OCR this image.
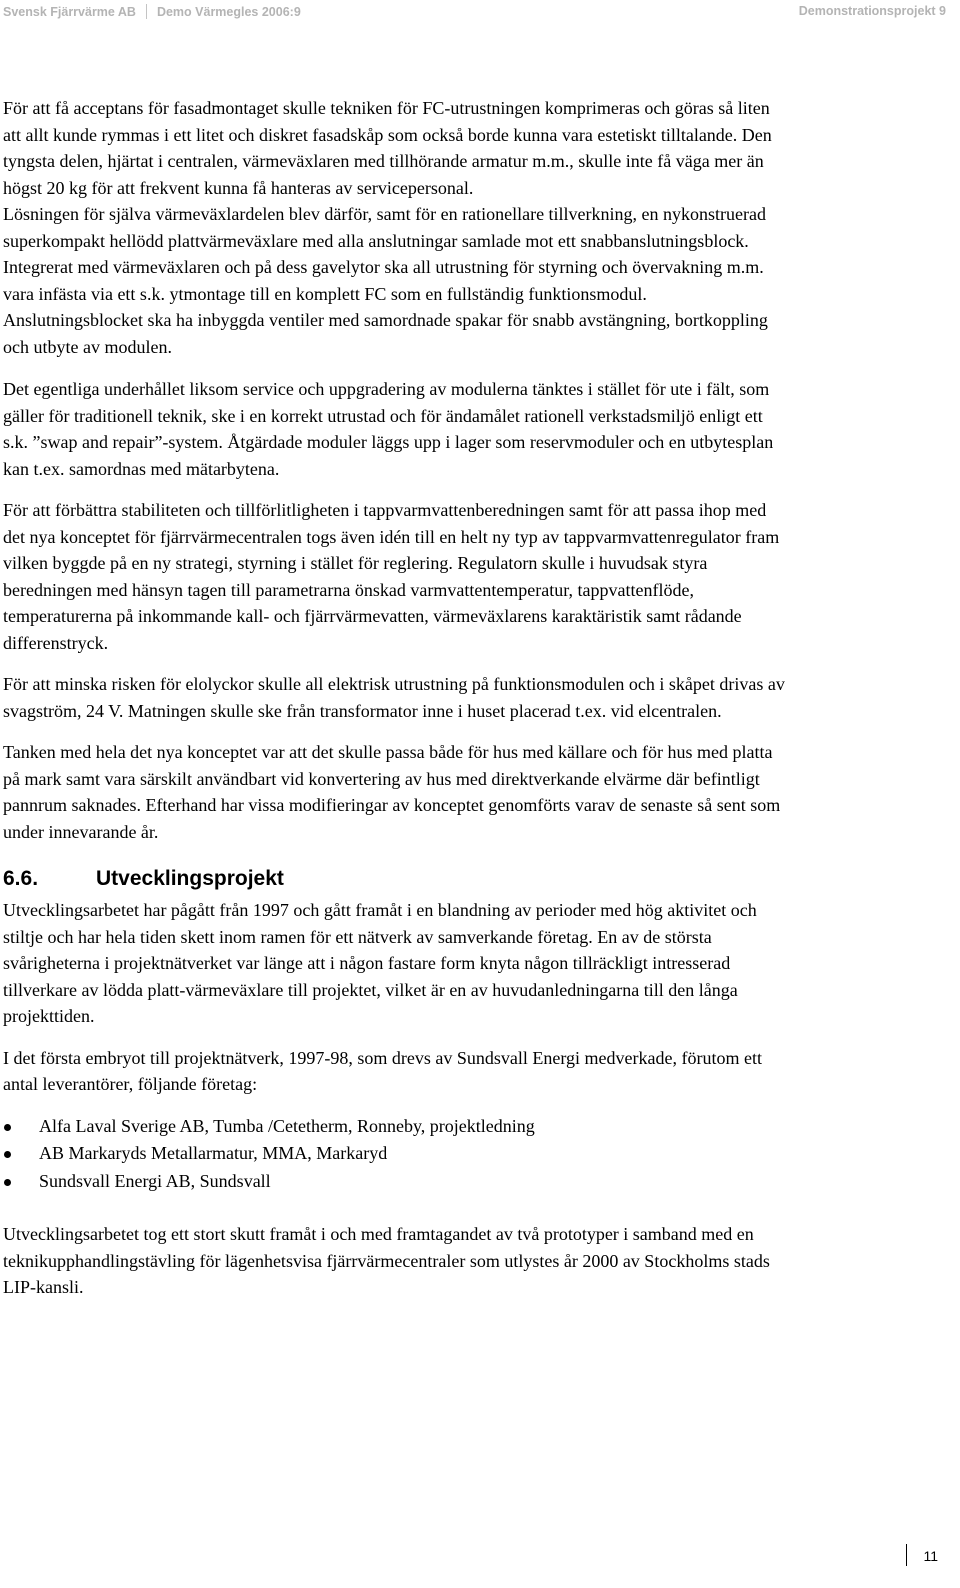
Svensk Fjärrvärme AB Demo Värmegles 2006:9	Demonstrationsprojekt 9

För att få acceptans för fasadmontaget skulle tekniken för FC-utrustningen komprimeras och göras så liten att allt kunde rymmas i ett litet och diskret fasadskåp som också borde kunna vara estetiskt tilltalande. Den tyngsta delen, hjärtat i centralen, värmeväxlaren med tillhörande armatur m.m., skulle inte få väga mer än högst 20 kg för att frekvent kunna få hanteras av servicepersonal.

Lösningen för själva värmeväxlardelen blev därför, samt för en rationellare tillverkning, en nykonstruerad superkompakt hellödd plattvärmeväxlare med alla anslutningar samlade mot ett snabbanslutningsblock. Integrerat med värmeväxlaren och på dess gavelytor ska all utrustning för styrning och övervakning m.m. vara infästa via ett s.k. ytmontage till en komplett FC som en fullständig funktionsmodul. Anslutningsblocket ska ha inbyggda ventiler med samordnade spakar för snabb avstängning, bortkoppling och utbyte av modulen.

Det egentliga underhållet liksom service och uppgradering av modulerna tänktes i stället för ute i fält, som gäller för traditionell teknik, ske i en korrekt utrustad och för ändamålet rationell verkstadsmiljö enligt ett s.k. ”swap and repair”-system. Åtgärdade moduler läggs upp i lager som reservmoduler och en utbytesplan kan t.ex. samordnas med mätarbytena.

För att förbättra stabiliteten och tillförlitligheten i tappvarmvattenberedningen samt för att passa ihop med det nya konceptet för fjärrvärmecentralen togs även idén till en helt ny typ av tappvarmvattenregulator fram vilken byggde på en ny strategi, styrning i stället för reglering. Regulatorn skulle i huvudsak styra beredningen med hänsyn tagen till parametrarna önskad varmvattentemperatur, tappvattenflöde, temperaturerna på inkommande kall- och fjärrvärmevatten, värmeväxlarens karaktäristik samt rådande differenstryck.

För att minska risken för elolyckor skulle all elektrisk utrustning på funktionsmodulen och i skåpet drivas av svagström, 24 V. Matningen skulle ske från transformator inne i huset placerad t.ex. vid elcentralen.

Tanken med hela det nya konceptet var att det skulle passa både för hus med källare och för hus med platta på mark samt vara särskilt användbart vid konvertering av hus med direktverkande elvärme där befintligt pannrum saknades. Efterhand har vissa modifieringar av konceptet genomförts varav de senaste så sent som under innevarande år.

6.6.	Utvecklingsprojekt

Utvecklingsarbetet har pågått från 1997 och gått framåt i en blandning av perioder med hög aktivitet och stiltje och har hela tiden skett inom ramen för ett nätverk av samverkande företag. En av de största svårigheterna i projektnätverket var länge att i någon fastare form knyta någon tillräckligt intresserad tillverkare av lödda platt-värmeväxlare till projektet, vilket är en av huvudanledningarna till den långa projekttiden.

I det första embryot till projektnätverk, 1997-98, som drevs av Sundsvall Energi medverkade, förutom ett antal leverantörer, följande företag:

Alfa Laval Sverige AB, Tumba /Cetetherm, Ronneby, projektledning
AB Markaryds Metallarmatur, MMA, Markaryd
Sundsvall Energi AB, Sundsvall

Utvecklingsarbetet tog ett stort skutt framåt i och med framtagandet av två prototyper i samband med en teknikupphandlingstävling för lägenhetsvisa fjärrvärmecentraler som utlystes år 2000 av Stockholms stads LIP-kansli.

11
